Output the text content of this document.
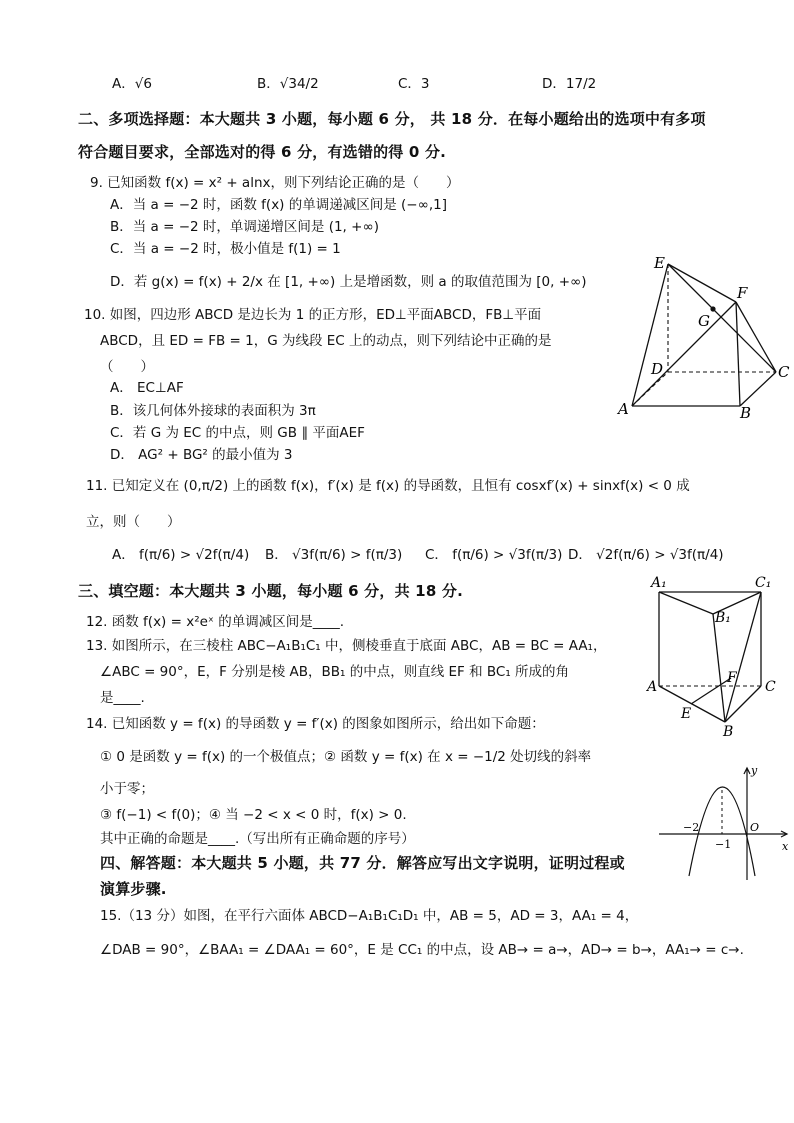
A．√6	B．√34/2	C．3	D．17/2
二、多项选择题：本大题共 3 小题，每小题 6 分， 共 18 分．在每小题给出的选项中有多项
符合题目要求，全部选对的得 6 分，有选错的得 0 分.
9. 已知函数 f(x) = x² + alnx，则下列结论正确的是（　　）
A．当 a = −2 时，函数 f(x) 的单调递减区间是 (−∞,1]
B．当 a = −2 时，单调递增区间是 (1, +∞)
C．当 a = −2 时，极小值是 f(1) = 1
D．若 g(x) = f(x) + 2/x 在 [1, +∞) 上是增函数，则 a 的取值范围为 [0, +∞)
10. 如图，四边形 ABCD 是边长为 1 的正方形，ED⊥平面ABCD，FB⊥平面
ABCD，且 ED = FB = 1，G 为线段 EC 上的动点，则下列结论中正确的是
（　　）
A． EC⊥AF
B．该几何体外接球的表面积为 3π
C．若 G 为 EC 的中点，则 GB ∥ 平面AEF
D． AG² + BG² 的最小值为 3
11. 已知定义在 (0,π/2) 上的函数 f(x)，f′(x) 是 f(x) 的导函数，且恒有 cosxf′(x) + sinxf(x) < 0 成
立，则（　　）
A． f(π/6) > √2f(π/4) B． √3f(π/6) > f(π/3) C． f(π/6) > √3f(π/3) D． √2f(π/6) > √3f(π/4)
三、填空题：本大题共 3 小题，每小题 6 分，共 18 分.
12. 函数 f(x) = x²eˣ 的单调减区间是____.
13. 如图所示，在三棱柱 ABC−A₁B₁C₁ 中，侧棱垂直于底面 ABC，AB = BC = AA₁，
∠ABC = 90°，E，F 分别是棱 AB，BB₁ 的中点，则直线 EF 和 BC₁ 所成的角
是____.
14. 已知函数 y = f(x) 的导函数 y = f′(x) 的图象如图所示，给出如下命题：
① 0 是函数 y = f(x) 的一个极值点；② 函数 y = f(x) 在 x = −1/2 处切线的斜率
小于零；
③ f(−1) < f(0)；④ 当 −2 < x < 0 时，f(x) > 0.
其中正确的命题是____.（写出所有正确命题的序号）
四、解答题：本大题共 5 小题，共 77 分．解答应写出文字说明，证明过程或
演算步骤.
15.（13 分）如图，在平行六面体 ABCD−A₁B₁C₁D₁ 中，AB = 5，AD = 3，AA₁ = 4，
∠DAB = 90°，∠BAA₁ = ∠DAA₁ = 60°，E 是 CC₁ 的中点，设 AB→ = a→，AD→ = b→，AA₁→ = c→.
E
F
G
D	C
A	B
A₁	C₁
B₁
A	C
F
E
B
y
x
O
−2
−1
